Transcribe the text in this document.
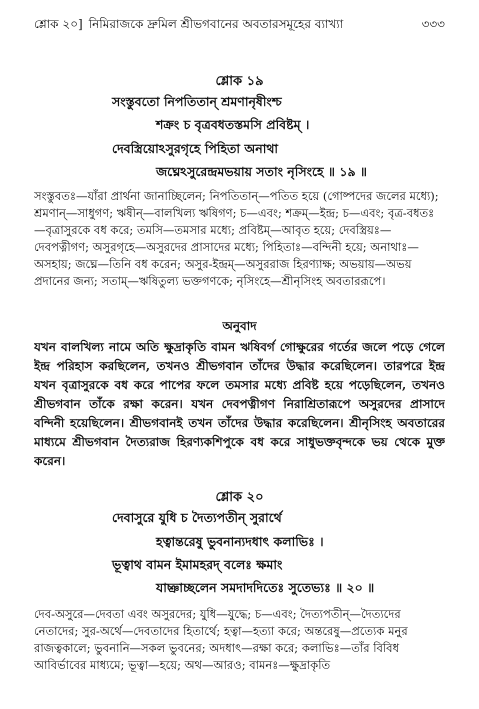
শ্লোক ২০] নিমিরাজকে দ্রুমিল শ্রীভগবানের অবতারসমূহের ব্যাখ্যা	৩৩৩
শ্লোক ১৯
সংস্তুবতো নিপতিতান্ শ্রমণানৃষীংশ্চ
শক্রং চ বৃত্রবধতস্তমসি প্রবিষ্টম্ ।
দেবস্ত্রিয়োঽসুরগৃহে পিহিতা অনাথা
জঘ্নেঽসুরেন্দ্রমভয়ায় সতাং নৃসিংহে ॥ ১৯ ॥

সংস্তুবতঃ—যাঁরা প্রার্থনা জানাচ্ছিলেন; নিপতিতান্—পতিত হয়ে (গোষ্পদের জলের মধ্যে); শ্রমণান্—সাধুগণ; ঋষীন্—বালখিল্য ঋষিগণ; চ—এবং; শক্রম্—ইন্দ্র; চ—এবং; বৃত্র-বধতঃ—বৃত্রাসুরকে বধ করে; তমসি—তমসার মধ্যে; প্রবিষ্টম্—আবৃত হয়ে; দেবস্ত্রিয়ঃ—দেবপত্নীগণ; অসুরগৃহে—অসুরদের প্রাসাদের মধ্যে; পিহিতাঃ—বন্দিনী হয়ে; অনাথাঃ—অসহায়; জঘ্নে—তিনি বধ করেন; অসুর-ইন্দ্রম্—অসুররাজ হিরণ্যাক্ষ; অভয়ায়—অভয় প্রদানের জন্য; সতাম্—ঋষিতুল্য ভক্তগণকে; নৃসিংহে—শ্রীনৃসিংহ অবতাররূপে।

অনুবাদ

যখন বালখিল্য নামে অতি ক্ষুদ্রাকৃতি বামন ঋষিবর্গ গোক্ষুরের গর্তের জলে পড়ে গেলে ইন্দ্র পরিহাস করছিলেন, তখনও শ্রীভগবান তাঁদের উদ্ধার করেছিলেন। তারপরে ইন্দ্র যখন বৃত্রাসুরকে বধ করে পাপের ফলে তমসার মধ্যে প্রবিষ্ট হয়ে পড়েছিলেন, তখনও শ্রীভগবান তাঁকে রক্ষা করেন। যখন দেবপত্নীগণ নিরাশ্রিতারূপে অসুরদের প্রাসাদে বন্দিনী হয়েছিলেন। শ্রীভগবানই তখন তাঁদের উদ্ধার করেছিলেন। শ্রীনৃসিংহ অবতারের মাধ্যমে শ্রীভগবান দৈত্যরাজ হিরণ্যকশিপুকে বধ করে সাধুভক্তবৃন্দকে ভয় থেকে মুক্ত করেন।

শ্লোক ২০
দেবাসুরে যুধি চ দৈত্যপতীন্ সুরার্থে
হত্বান্তরেষু ভুবনান্যদধাৎ কলাভিঃ ।
ভূত্বাথ বামন ইমামহরদ্ বলেঃ ক্ষমাং
যাচ্ঞাচ্ছলেন সমদাদদিতেঃ সুতেভ্যঃ ॥ ২০ ॥

দেব-অসুরে—দেবতা এবং অসুরদের; যুধি—যুদ্ধে; চ—এবং; দৈত্যপতীন্—দৈত্যদের নেতাদের; সুর-অর্থে—দেবতাদের হিতার্থে; হত্বা—হত্যা করে; অন্তরেষু—প্রত্যেক মনুর রাজত্বকালে; ভুবনানি—সকল ভুবনের; অদধাৎ—রক্ষা করে; কলাভিঃ—তাঁর বিবিধ আবির্ভাবের মাধ্যমে; ভূত্বা—হয়ে; অথ—আরও; বামনঃ—ক্ষুদ্রাকৃতি
